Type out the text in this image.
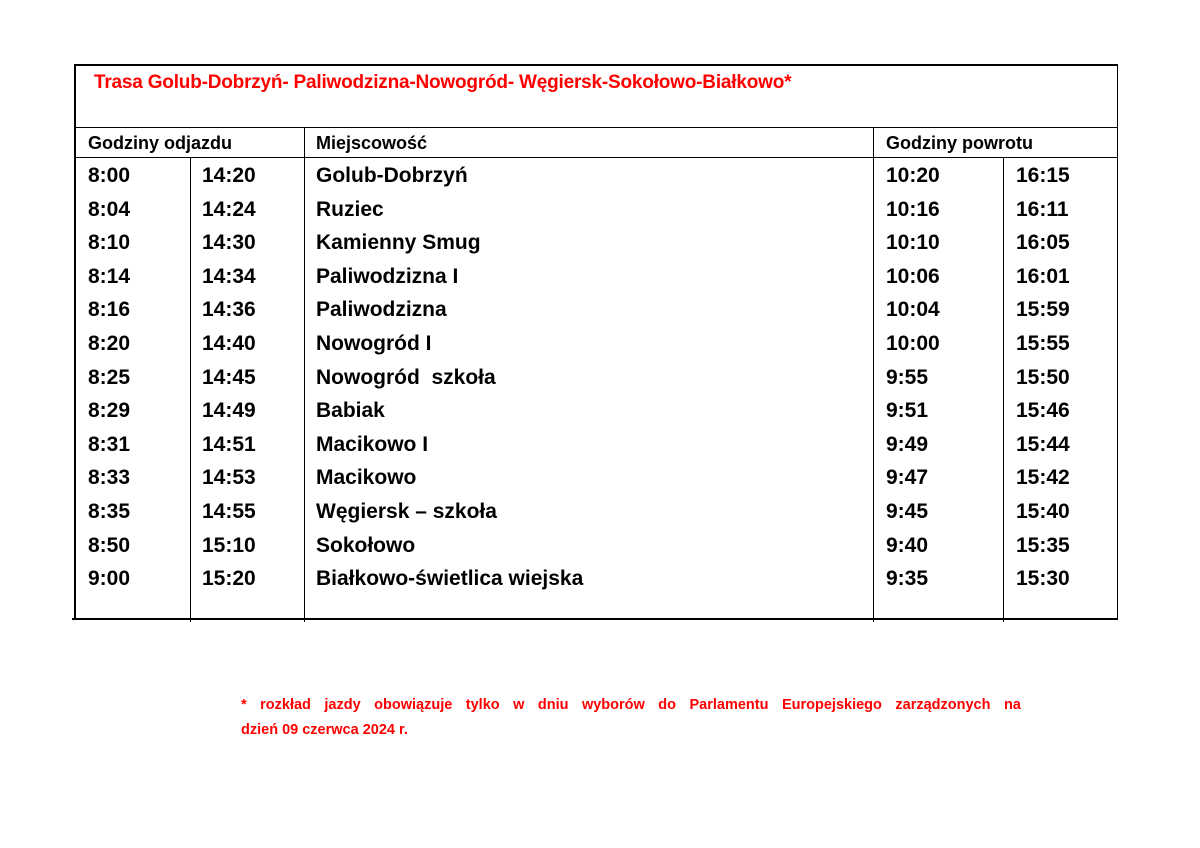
Trasa Golub-Dobrzyń- Paliwodzizna-Nowogród- Węgiersk-Sokołowo-Białkowo*
Godziny odjazdu	Miejscowość	Godziny powrotu
8:00	14:20	Golub-Dobrzyń	10:20	16:15
8:04	14:24	Ruziec	10:16	16:11
8:10	14:30	Kamienny Smug	10:10	16:05
8:14	14:34	Paliwodzizna I	10:06	16:01
8:16	14:36	Paliwodzizna	10:04	15:59
8:20	14:40	Nowogród I	10:00	15:55
8:25	14:45	Nowogród  szkoła	9:55	15:50
8:29	14:49	Babiak	9:51	15:46
8:31	14:51	Macikowo I	9:49	15:44
8:33	14:53	Macikowo	9:47	15:42
8:35	14:55	Węgiersk – szkoła	9:45	15:40
8:50	15:10	Sokołowo	9:40	15:35
9:00	15:20	Białkowo-świetlica wiejska	9:35	15:30
* rozkład jazdy obowiązuje tylko w dniu wyborów do Parlamentu Europejskiego zarządzonych na
dzień 09 czerwca 2024 r.
